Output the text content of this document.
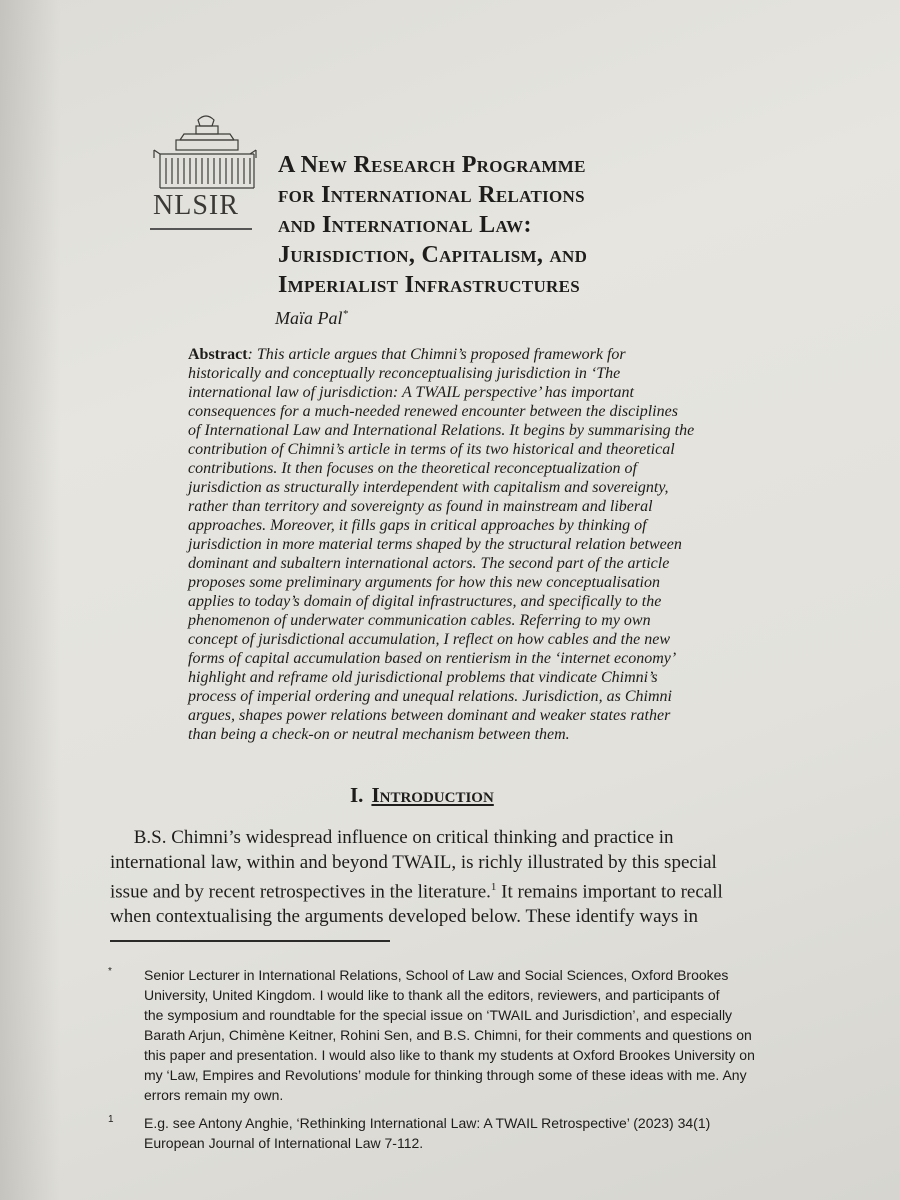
NLSIR
A New Research Programme
for International Relations
and International Law:
Jurisdiction, Capitalism, and
Imperialist Infrastructures
Maïa Pal*
Abstract: This article argues that Chimni’s proposed framework for
historically and conceptually reconceptualising jurisdiction in ‘The
international law of jurisdiction: A TWAIL perspective’ has important
consequences for a much-needed renewed encounter between the disciplines
of International Law and International Relations. It begins by summarising the
contribution of Chimni’s article in terms of its two historical and theoretical
contributions. It then focuses on the theoretical reconceptualization of
jurisdiction as structurally interdependent with capitalism and sovereignty,
rather than territory and sovereignty as found in mainstream and liberal
approaches. Moreover, it fills gaps in critical approaches by thinking of
jurisdiction in more material terms shaped by the structural relation between
dominant and subaltern international actors. The second part of the article
proposes some preliminary arguments for how this new conceptualisation
applies to today’s domain of digital infrastructures, and specifically to the
phenomenon of underwater communication cables. Referring to my own
concept of jurisdictional accumulation, I reflect on how cables and the new
forms of capital accumulation based on rentierism in the ‘internet economy’
highlight and reframe old jurisdictional problems that vindicate Chimni’s
process of imperial ordering and unequal relations. Jurisdiction, as Chimni
argues, shapes power relations between dominant and weaker states rather
than being a check-on or neutral mechanism between them.
I. Introduction
B.S. Chimni’s widespread influence on critical thinking and practice in
international law, within and beyond TWAIL, is richly illustrated by this special
issue and by recent retrospectives in the literature.$^1$ It remains important to recall
when contextualising the arguments developed below. These identify ways in
* Senior Lecturer in International Relations, School of Law and Social Sciences, Oxford Brookes
University, United Kingdom. I would like to thank all the editors, reviewers, and participants of
the symposium and roundtable for the special issue on ‘TWAIL and Jurisdiction’, and especially
Barath Arjun, Chimène Keitner, Rohini Sen, and B.S. Chimni, for their comments and questions on
this paper and presentation. I would also like to thank my students at Oxford Brookes University on
my ‘Law, Empires and Revolutions’ module for thinking through some of these ideas with me. Any
errors remain my own.
1 E.g. see Antony Anghie, ‘Rethinking International Law: A TWAIL Retrospective’ (2023) 34(1)
European Journal of International Law 7-112.
